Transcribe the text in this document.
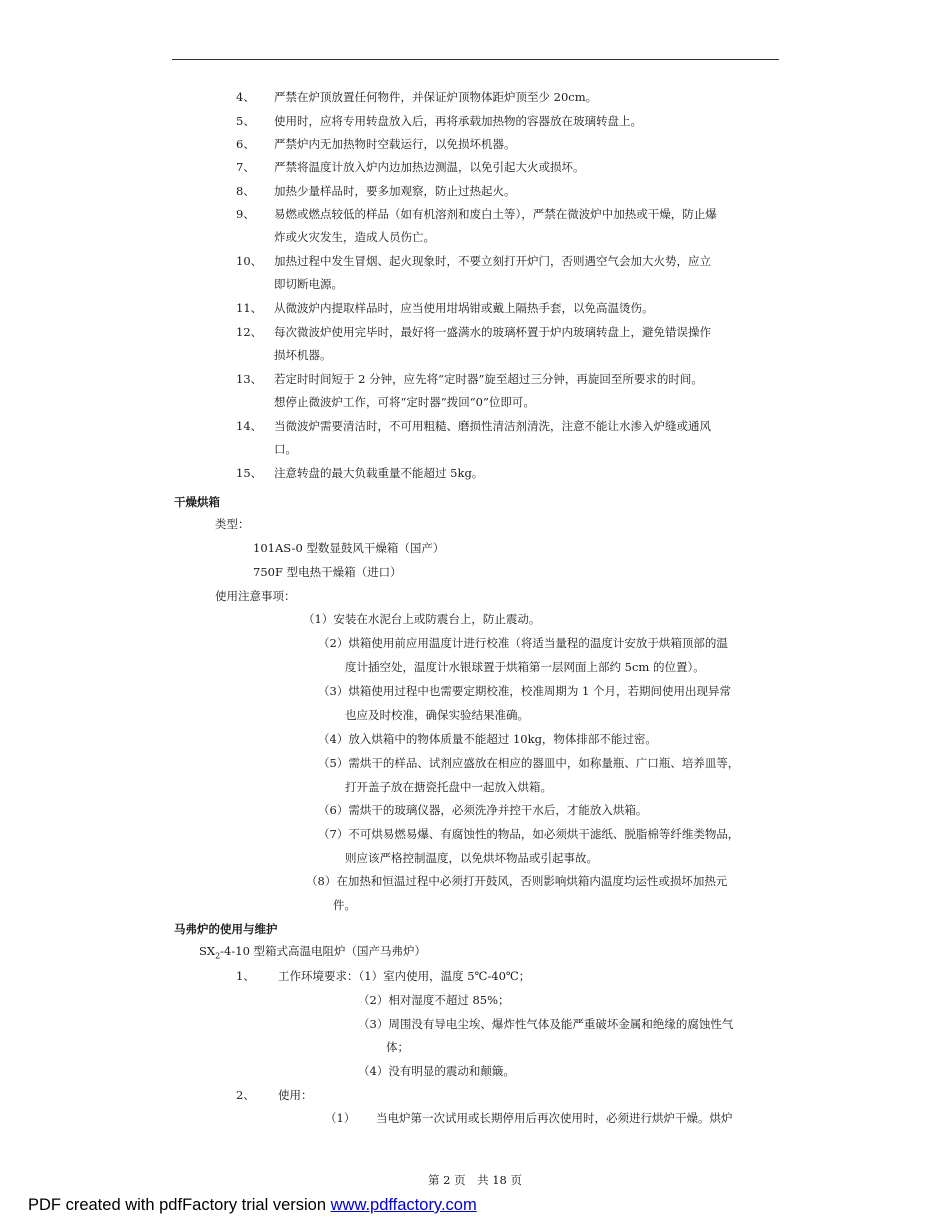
4、 严禁在炉顶放置任何物件，并保证炉顶物体距炉顶至少 20cm。
5、 使用时，应将专用转盘放入后，再将承载加热物的容器放在玻璃转盘上。
6、 严禁炉内无加热物时空载运行，以免损坏机器。
7、 严禁将温度计放入炉内边加热边测温，以免引起大火或损坏。
8、 加热少量样品时，要多加观察，防止过热起火。
9、 易燃或燃点较低的样品（如有机溶剂和废白土等），严禁在微波炉中加热或干燥，防止爆
炸或火灾发生，造成人员伤亡。
10、 加热过程中发生冒烟、起火现象时，不要立刻打开炉门，否则遇空气会加大火势，应立
即切断电源。
11、 从微波炉内提取样品时，应当使用坩埚钳或戴上隔热手套，以免高温烫伤。
12、 每次微波炉使用完毕时，最好将一盛满水的玻璃杯置于炉内玻璃转盘上，避免错误操作
损坏机器。
13、 若定时时间短于 2 分钟，应先将“定时器”旋至超过三分钟，再旋回至所要求的时间。
想停止微波炉工作，可将“定时器”拨回“0”位即可。
14、 当微波炉需要清洁时，不可用粗糙、磨损性清洁剂清洗，注意不能让水渗入炉缝或通风
口。
15、 注意转盘的最大负载重量不能超过 5kg。
干燥烘箱
类型：
101AS-0 型数显鼓风干燥箱（国产）
750F 型电热干燥箱（进口）
使用注意事项：
（1）安装在水泥台上或防震台上，防止震动。
（2）烘箱使用前应用温度计进行校准（将适当量程的温度计安放于烘箱顶部的温
度计插空处，温度计水银球置于烘箱第一层网面上部约 5cm 的位置）。
（3）烘箱使用过程中也需要定期校准，校准周期为 1 个月，若期间使用出现异常
也应及时校准，确保实验结果准确。
（4）放入烘箱中的物体质量不能超过 10kg，物体排部不能过密。
（5）需烘干的样品、试剂应盛放在相应的器皿中，如称量瓶、广口瓶、培养皿等，
打开盖子放在搪瓷托盘中一起放入烘箱。
（6）需烘干的玻璃仪器，必须洗净并控干水后，才能放入烘箱。
（7）不可烘易燃易爆、有腐蚀性的物品，如必须烘干滤纸、脱脂棉等纤维类物品，
则应该严格控制温度，以免烘坏物品或引起事故。
（8）在加热和恒温过程中必须打开鼓风，否则影响烘箱内温度均运性或损坏加热元
件。
马弗炉的使用与维护
$SX_2-4-10$ 型箱式高温电阻炉（国产马弗炉）
1、 工作环境要求：（1）室内使用，温度 5℃-40℃；
（2）相对湿度不超过 85%；
（3）周围没有导电尘埃、爆炸性气体及能严重破坏金属和绝缘的腐蚀性气
体；
（4）没有明显的震动和颠簸。
2、 使用：
（1） 当电炉第一次试用或长期停用后再次使用时，必须进行烘炉干燥。烘炉
第 2 页　共 18 页
PDF created with pdfFactory trial version www.pdffactory.com
